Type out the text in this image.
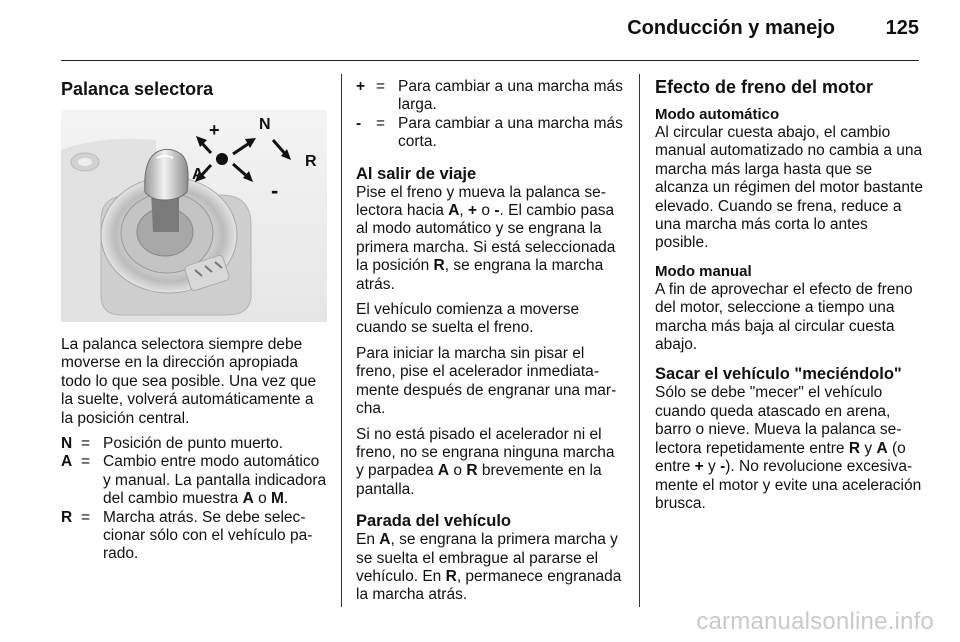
Conducción y manejo	125
Palanca selectora
+ N
R
A
-

La palanca selectora siempre debe moverse en la dirección apropiada todo lo que sea posible. Una vez que la suelte, volverá automáticamente a la posición central.

N = Posición de punto muerto.
A = Cambio entre modo automático y manual. La pantalla indicadora del cambio muestra A o M.
R = Marcha atrás. Se debe seleccionar sólo con el vehículo parado.
+ = Para cambiar a una marcha más larga.
- = Para cambiar a una marcha más corta.
Al salir de viaje

Pise el freno y mueva la palanca selectora hacia A, + o -. El cambio pasa al modo automático y se engrana la primera marcha. Si está seleccionada la posición R, se engrana la marcha atrás.

El vehículo comienza a moverse cuando se suelta el freno.

Para iniciar la marcha sin pisar el freno, pise el acelerador inmediatamente después de engranar una marcha.

Si no está pisado el acelerador ni el freno, no se engrana ninguna marcha y parpadea A o R brevemente en la pantalla.

Parada del vehículo

En A, se engrana la primera marcha y se suelta el embrague al pararse el vehículo. En R, permanece engranada la marcha atrás.

Efecto de freno del motor
Modo automático

Al circular cuesta abajo, el cambio manual automatizado no cambia a una marcha más larga hasta que se alcanza un régimen del motor bastante elevado. Cuando se frena, reduce a una marcha más corta lo antes posible.

Modo manual

A fin de aprovechar el efecto de freno del motor, seleccione a tiempo una marcha más baja al circular cuesta abajo.

Sacar el vehículo "meciéndolo"

Sólo se debe "mecer" el vehículo cuando queda atascado en arena, barro o nieve. Mueva la palanca selectora repetidamente entre R y A (o entre + y -). No revolucione excesivamente el motor y evite una aceleración brusca.

carmanualsonline.info
